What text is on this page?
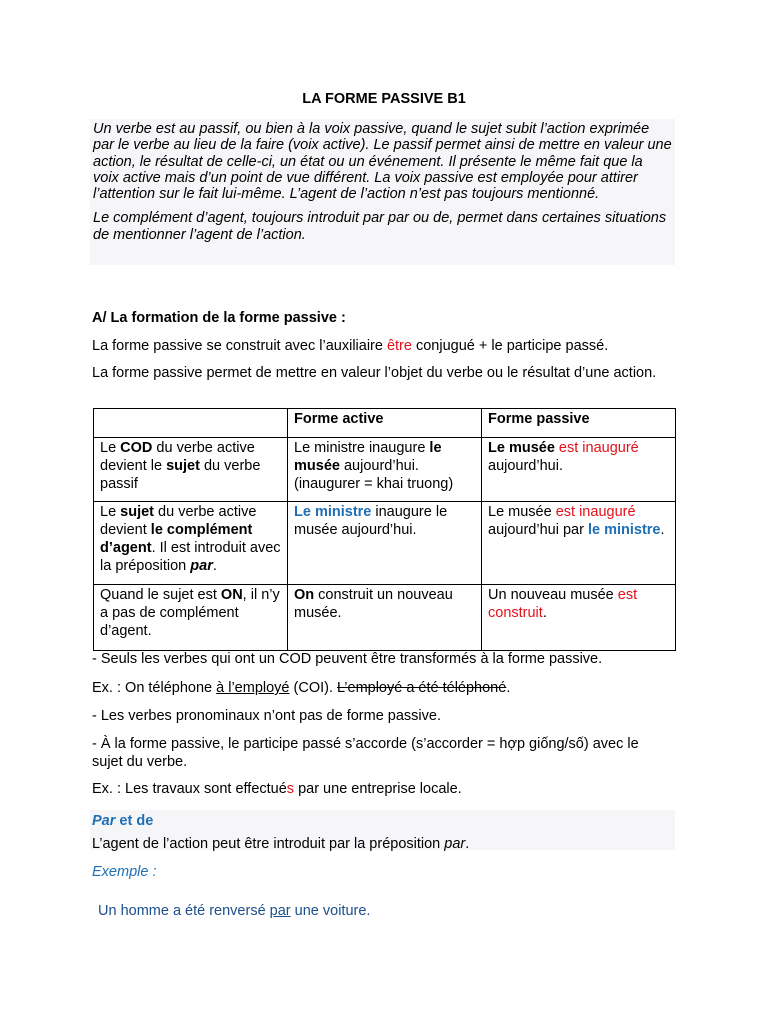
LA FORME PASSIVE B1

Un verbe est au passif, ou bien à la voix passive, quand le sujet subit l’action exprimée par le verbe au lieu de la faire (voix active). Le passif permet ainsi de mettre en valeur une action, le résultat de celle-ci, un état ou un événement. Il présente le même fait que la voix active mais d’un point de vue différent. La voix passive est employée pour attirer l’attention sur le fait lui-même. L’agent de l’action n’est pas toujours mentionné.

Le complément d’agent, toujours introduit par par ou de, permet dans certaines situations de mentionner l’agent de l’action.

A/ La formation de la forme passive :
La forme passive se construit avec l’auxiliaire être conjugué + le participe passé.
La forme passive permet de mettre en valeur l’objet du verbe ou le résultat d’une action.
	Forme active	Forme passive
Le COD du verbe active devient le sujet du verbe passif	Le ministre inaugure le musée aujourd’hui. (inaugurer = khai truong)	Le musée est inauguré aujourd’hui.
Le sujet du verbe active devient le complément d’agent. Il est introduit avec la préposition par.	Le ministre inaugure le musée aujourd’hui.	Le musée est inauguré aujourd’hui par le ministre.
Quand le sujet est ON, il n’y a pas de complément d’agent.	On construit un nouveau musée.	Un nouveau musée est construit.
- Seuls les verbes qui ont un COD peuvent être transformés à la forme passive.
Ex. : On téléphone à l’employé (COI). L’employé a été téléphoné.
- Les verbes pronominaux n’ont pas de forme passive.
- À la forme passive, le participe passé s’accorde (s’accorder = hợp giống/số) avec le sujet du verbe.
Ex. : Les travaux sont effectués par une entreprise locale.
Par et de
L’agent de l’action peut être introduit par la préposition par.
Exemple :
Un homme a été renversé par une voiture.
